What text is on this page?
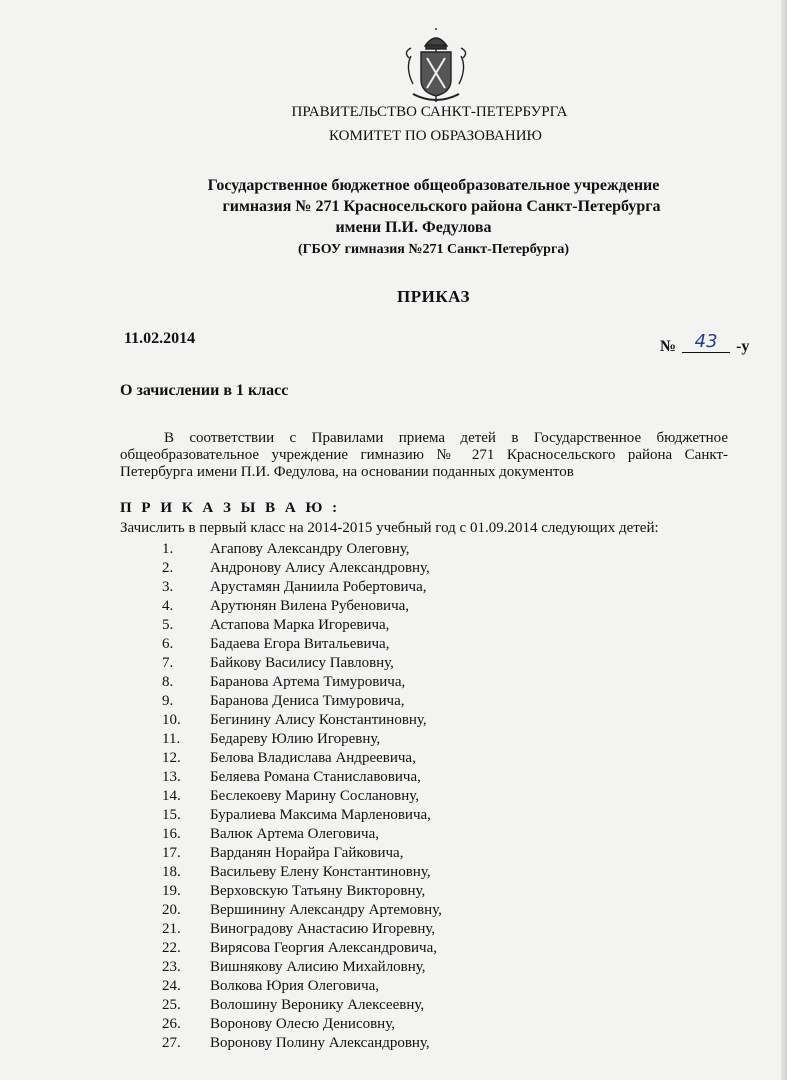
ПРАВИТЕЛЬСТВО САНКТ-ПЕТЕРБУРГА
КОМИТЕТ ПО ОБРАЗОВАНИЮ
Государственное бюджетное общеобразовательное учреждение
гимназия № 271 Красносельского района Санкт-Петербурга
имени П.И. Федулова
(ГБОУ гимназия №271 Санкт-Петербурга)
ПРИКАЗ
11.02.2014	№ 43 -у
О зачислении в 1 класс
В соответствии с Правилами приема детей в Государственное бюджетное общеобразовательное учреждение гимназию № 271 Красносельского района Санкт-Петербурга имени П.И. Федулова, на основании поданных документов
П Р И К А З Ы В А Ю :
Зачислить в первый класс на 2014-2015 учебный год с 01.09.2014 следующих детей:
1.	Агапову Александру Олеговну,
2.	Андронову Алису Александровну,
3.	Арустамян Даниила Робертовича,
4.	Арутюнян Вилена Рубеновича,
5.	Астапова Марка Игоревича,
6.	Бадаева Егора Витальевича,
7.	Байкову Василису Павловну,
8.	Баранова Артема Тимуровича,
9.	Баранова Дениса Тимуровича,
10. Бегинину Алису Константиновну,
11. Бедареву Юлию Игоревну,
12. Белова Владислава Андреевича,
13. Беляева Романа Станиславовича,
14. Беслекоеву Марину Сослановну,
15. Буралиева Максима Марленовича,
16. Валюк Артема Олеговича,
17. Варданян Норайра Гайковича,
18. Васильеву Елену Константиновну,
19. Верховскую Татьяну Викторовну,
20. Вершинину Александру Артемовну,
21. Виноградову Анастасию Игоревну,
22. Вирясова Георгия Александровича,
23. Вишнякову Алисию Михайловну,
24. Волкова Юрия Олеговича,
25. Волошину Веронику Алексеевну,
26. Воронову Олесю Денисовну,
27. Воронову Полину Александровну,
